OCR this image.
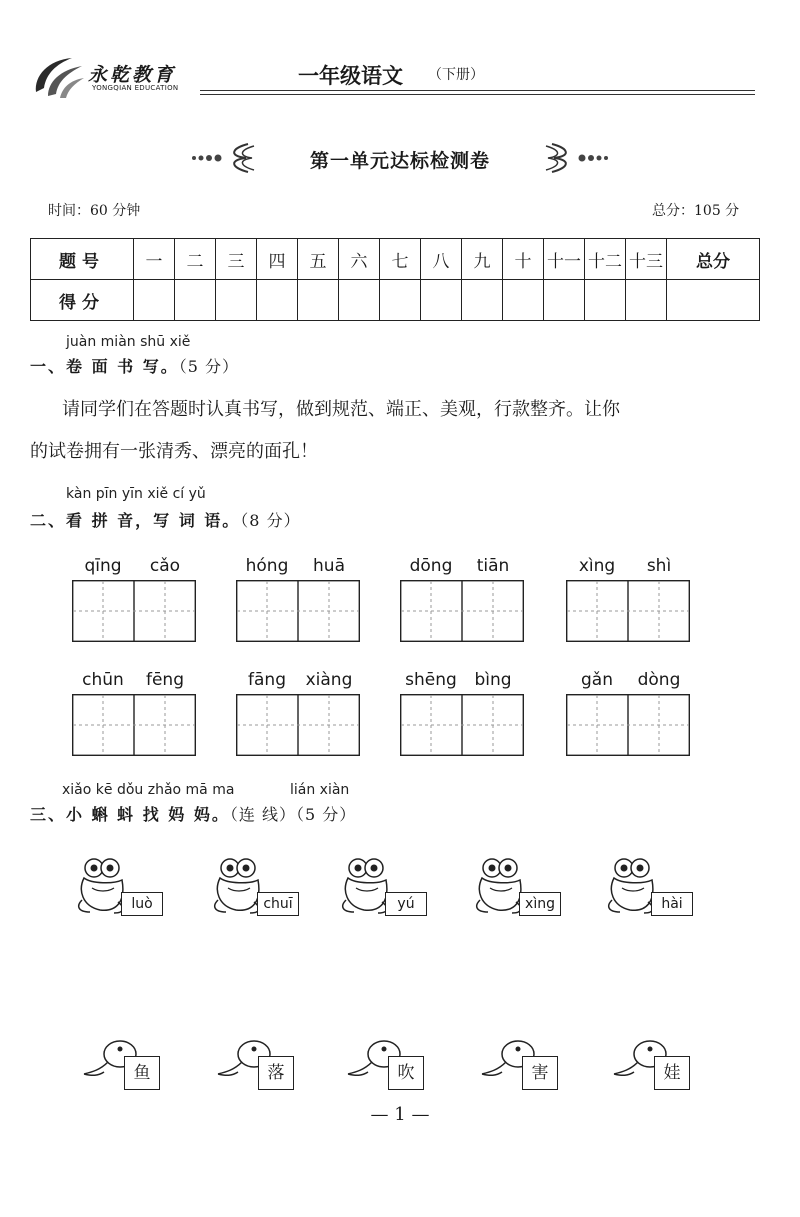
永乾教育
YONGQIAN EDUCATION	一年级语文 （下册）
第一单元达标检测卷
时间：60 分钟	总分：105 分
题号	一	二	三	四	五	六	七	八	九	十	十一	十二	十三	总分
得分														
juàn miàn shū xiě
一、卷 面 书 写。（5 分）
请同学们在答题时认真书写，做到规范、端正、美观，行款整齐。让你
的试卷拥有一张清秀、漂亮的面孔！
kàn pīn yīn xiě cí yǔ
二、看 拼 音，写 词 语。（8 分）
qīng	cǎo	hóng	huā	dōng	tiān	xìng	shì
chūn	fēng	fāng	xiàng	shēng	bìng	gǎn	dòng
xiǎo kē dǒu zhǎo mā ma	lián xiàn
三、小 蝌 蚪 找 妈 妈。（连 线）（5 分）
luò	chuī	yú	xìng	hài
鱼	落	吹	害	娃
— 1 —
